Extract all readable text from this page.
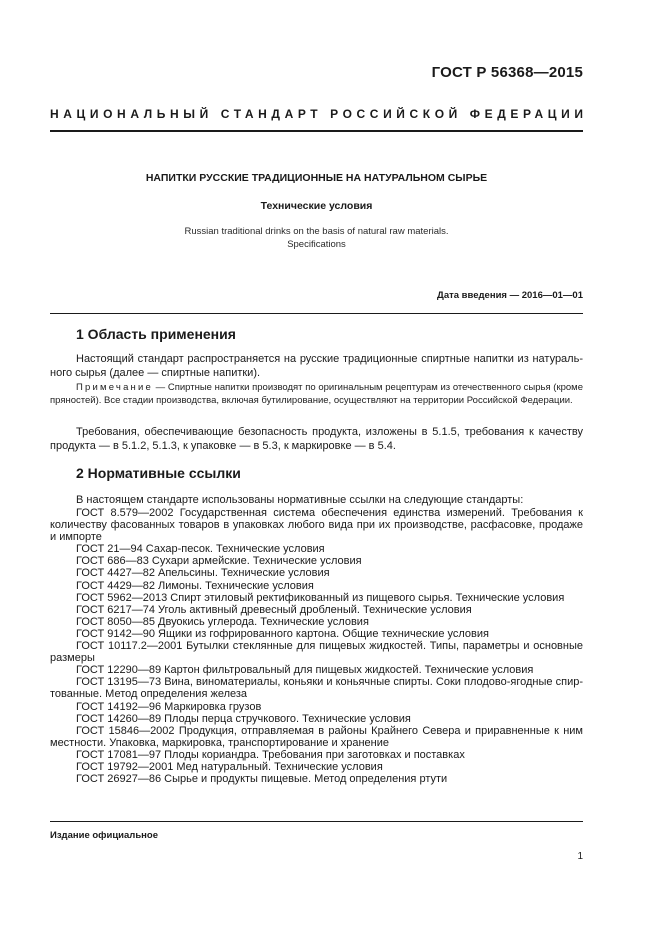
ГОСТ Р 56368—2015
НАЦИОНАЛЬНЫЙ СТАНДАРТ РОССИЙСКОЙ ФЕДЕРАЦИИ
НАПИТКИ РУССКИЕ ТРАДИЦИОННЫЕ НА НАТУРАЛЬНОМ СЫРЬЕ
Технические условия
Russian traditional drinks on the basis of natural raw materials.
Specifications
Дата введения — 2016—01—01
1 Область применения
Настоящий стандарт распространяется на русские традиционные спиртные напитки из натураль-ного сырья (далее — спиртные напитки).
Примечание — Спиртные напитки производят по оригинальным рецептурам из отечественного сырья (кроме пряностей). Все стадии производства, включая бутилирование, осуществляют на территории Российской Федерации.
Требования, обеспечивающие безопасность продукта, изложены в 5.1.5, требования к качеству продукта — в 5.1.2, 5.1.3, к упаковке — в 5.3, к маркировке — в 5.4.
2 Нормативные ссылки
В настоящем стандарте использованы нормативные ссылки на следующие стандарты:
ГОСТ 8.579—2002 Государственная система обеспечения единства измерений. Требования к количеству фасованных товаров в упаковках любого вида при их производстве, расфасовке, продаже и импорте
ГОСТ 21—94 Сахар-песок. Технические условия
ГОСТ 686—83 Сухари армейские. Технические условия
ГОСТ 4427—82 Апельсины. Технические условия
ГОСТ 4429—82 Лимоны. Технические условия
ГОСТ 5962—2013 Спирт этиловый ректификованный из пищевого сырья. Технические условия
ГОСТ 6217—74 Уголь активный древесный дробленый. Технические условия
ГОСТ 8050—85 Двуокись углерода. Технические условия
ГОСТ 9142—90 Ящики из гофрированного картона. Общие технические условия
ГОСТ 10117.2—2001 Бутылки стеклянные для пищевых жидкостей. Типы, параметры и основные размеры
ГОСТ 12290—89 Картон фильтровальный для пищевых жидкостей. Технические условия
ГОСТ 13195—73 Вина, виноматериалы, коньяки и коньячные спирты. Соки плодово-ягодные спир-тованные. Метод определения железа
ГОСТ 14192—96 Маркировка грузов
ГОСТ 14260—89 Плоды перца стручкового. Технические условия
ГОСТ 15846—2002 Продукция, отправляемая в районы Крайнего Севера и приравненные к ним местности. Упаковка, маркировка, транспортирование и хранение
ГОСТ 17081—97 Плоды кориандра. Требования при заготовках и поставках
ГОСТ 19792—2001 Мед натуральный. Технические условия
ГОСТ 26927—86 Сырье и продукты пищевые. Метод определения ртути
Издание официальное
1
